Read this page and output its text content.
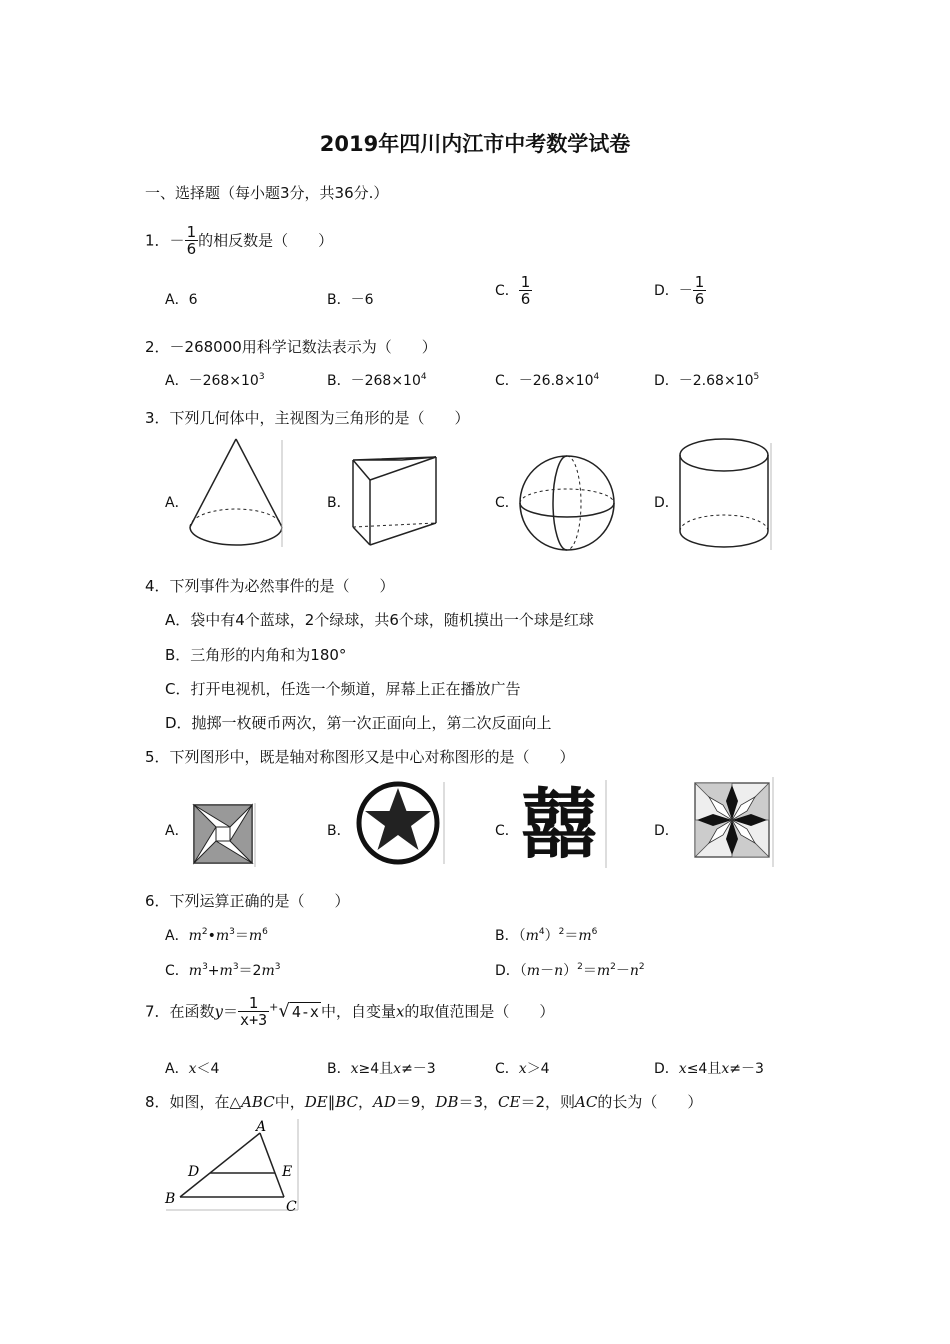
2019年四川内江市中考数学试卷
一、选择题（每小题3分，共36分.）
1．－ $\frac{1}{6}$ 的相反数是（　　）
A．6	B．－6
C． $\frac{1}{6}$	D．－ $\frac{1}{6}$
2．－268000用科学记数法表示为（　　）
A．$-268\times 10^3$	B．$-268\times 10^4$	C．$-26.8\times 10^4$	D．$-2.68\times 10^5$
3．下列几何体中，主视图为三角形的是（　　）
A．	B．	C．	D．
4．下列事件为必然事件的是（　　）
A．袋中有4个蓝球，2个绿球，共6个球，随机摸出一个球是红球
B．三角形的内角和为180°
C．打开电视机，任选一个频道，屏幕上正在播放广告
D．抛掷一枚硬币两次，第一次正面向上，第二次反面向上
5．下列图形中，既是轴对称图形又是中心对称图形的是（　　）
A．	B．	C．	D．
囍
6．下列运算正确的是（　　）
A．$m^2•m^3=m^6$	B．$(m^4)^2=m^6$
C．$m^3+m^3=2m^3$	D．$(m-n)^2=m^2-n^2$
7．在函数$y= \frac{1}{x+3} ^+√$ 4-x 中，自变量x的取值范围是（　　）
A．x＜4	B．x≥4且x≠－3	C．x＞4	D．x≤4且x≠－3
8．如图，在△ABC中，DE∥BC，AD＝9，DB＝3，CE＝2，则AC的长为（　　）
A
D	E
B	C
